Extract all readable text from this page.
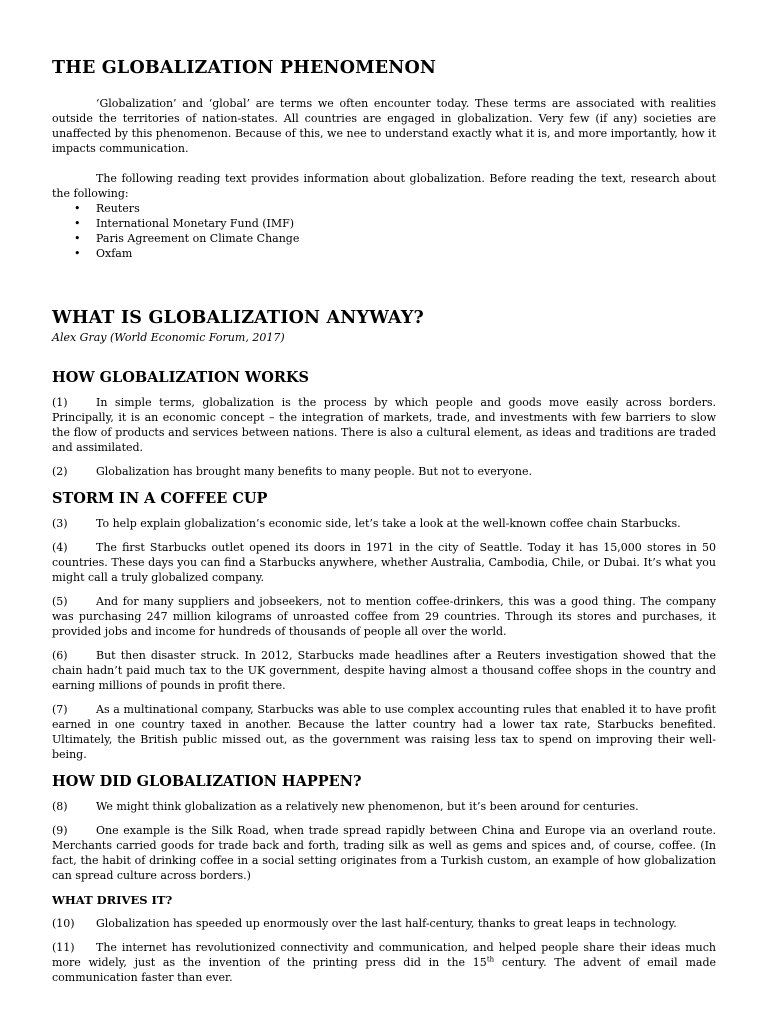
THE GLOBALIZATION PHENOMENON

‘Globalization’ and ‘global’ are terms we often encounter today. These terms are associated with realities outside the territories of nation-states. All countries are engaged in globalization. Very few (if any) societies are unaffected by this phenomenon. Because of this, we nee to understand exactly what it is, and more importantly, how it impacts communication.

The following reading text provides information about globalization. Before reading the text, research about the following:

• Reuters
• International Monetary Fund (IMF)
• Paris Agreement on Climate Change
• Oxfam
WHAT IS GLOBALIZATION ANYWAY?

Alex Gray (World Economic Forum, 2017)

HOW GLOBALIZATION WORKS

(1)	In simple terms, globalization is the process by which people and goods move easily across borders. Principally, it is an economic concept – the integration of markets, trade, and investments with few barriers to slow the flow of products and services between nations. There is also a cultural element, as ideas and traditions are traded and assimilated.

(2)	Globalization has brought many benefits to many people. But not to everyone.

STORM IN A COFFEE CUP

(3)	To help explain globalization’s economic side, let’s take a look at the well-known coffee chain Starbucks.

(4)	The first Starbucks outlet opened its doors in 1971 in the city of Seattle. Today it has 15,000 stores in 50 countries. These days you can find a Starbucks anywhere, whether Australia, Cambodia, Chile, or Dubai. It’s what you might call a truly globalized company.

(5)	And for many suppliers and jobseekers, not to mention coffee-drinkers, this was a good thing. The company was purchasing 247 million kilograms of unroasted coffee from 29 countries. Through its stores and purchases, it provided jobs and income for hundreds of thousands of people all over the world.

(6)	But then disaster struck. In 2012, Starbucks made headlines after a Reuters investigation showed that the chain hadn’t paid much tax to the UK government, despite having almost a thousand coffee shops in the country and earning millions of pounds in profit there.

(7)	As a multinational company, Starbucks was able to use complex accounting rules that enabled it to have profit earned in one country taxed in another. Because the latter country had a lower tax rate, Starbucks benefited. Ultimately, the British public missed out, as the government was raising less tax to spend on improving their well-being.

HOW DID GLOBALIZATION HAPPEN?

(8)	We might think globalization as a relatively new phenomenon, but it’s been around for centuries.

(9)	One example is the Silk Road, when trade spread rapidly between China and Europe via an overland route. Merchants carried goods for trade back and forth, trading silk as well as gems and spices and, of course, coffee. (In fact, the habit of drinking coffee in a social setting originates from a Turkish custom, an example of how globalization can spread culture across borders.)

WHAT DRIVES IT?

(10) Globalization has speeded up enormously over the last half-century, thanks to great leaps in technology.

(11) The internet has revolutionized connectivity and communication, and helped people share their ideas much more widely, just as the invention of the printing press did in the 15th century. The advent of email made communication faster than ever.
